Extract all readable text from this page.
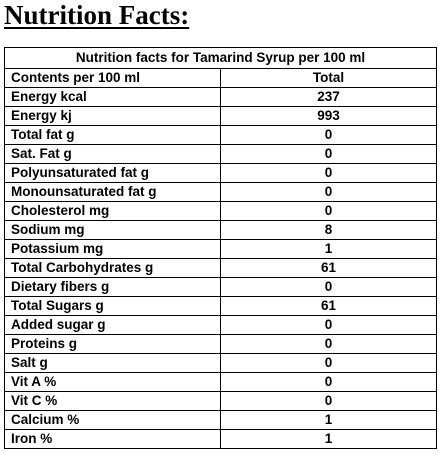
Nutrition Facts:
Nutrition facts for Tamarind Syrup per 100 ml	
Contents per 100 ml	Total
Energy kcal	237
Energy kj	993
Total fat g	0
Sat. Fat g	0
Polyunsaturated fat g	0
Monounsaturated fat g	0
Cholesterol mg	0
Sodium mg	8
Potassium mg	1
Total Carbohydrates g	61
Dietary fibers g	0
Total Sugars g	61
Added sugar g	0
Proteins g	0
Salt g	0
Vit A %	0
Vit C %	0
Calcium %	1
Iron %	1
